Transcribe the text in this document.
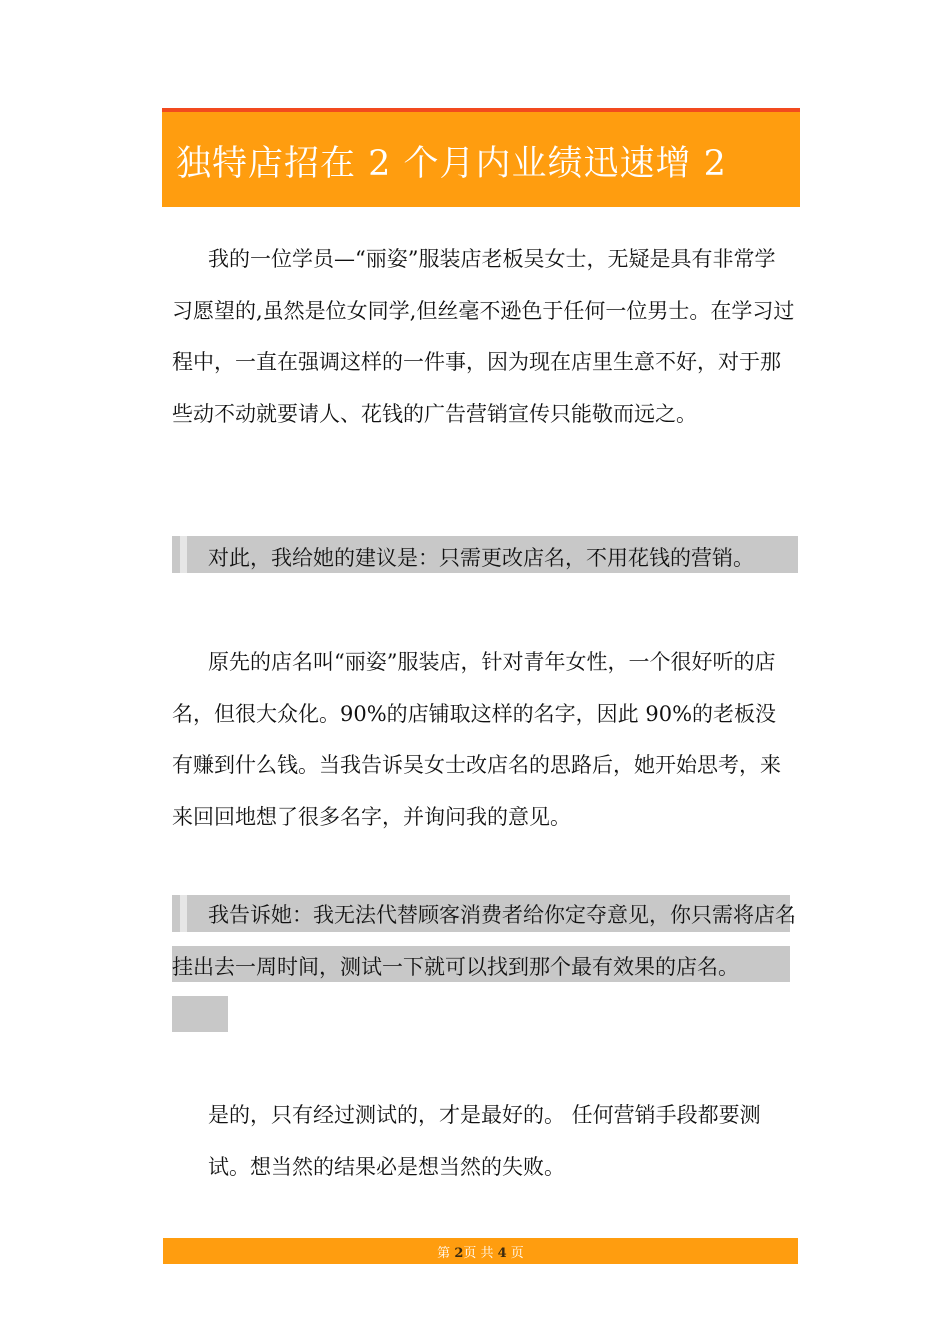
独特店招在 2 个月内业绩迅速增 2

我的一位学员—“丽姿”服装店老板吴女士，无疑是具有非常学习愿望的,虽然是位女同学,但丝毫不逊色于任何一位男士。在学习过程中，一直在强调这样的一件事，因为现在店里生意不好，对于那些动不动就要请人、花钱的广告营销宣传只能敬而远之。

对此，我给她的建议是：只需更改店名，不用花钱的营销。

原先的店名叫“丽姿”服装店，针对青年女性，一个很好听的店名，但很大众化。90%的店铺取这样的名字，因此 90%的老板没有赚到什么钱。当我告诉吴女士改店名的思路后，她开始思考，来来回回地想了很多名字，并询问我的意见。

我告诉她：我无法代替顾客消费者给你定夺意见，你只需将店名挂出去一周时间，测试一下就可以找到那个最有效果的店名。

是的，只有经过测试的，才是最好的。 任何营销手段都要测试。想当然的结果必是想当然的失败。

第 2页 共 4 页
